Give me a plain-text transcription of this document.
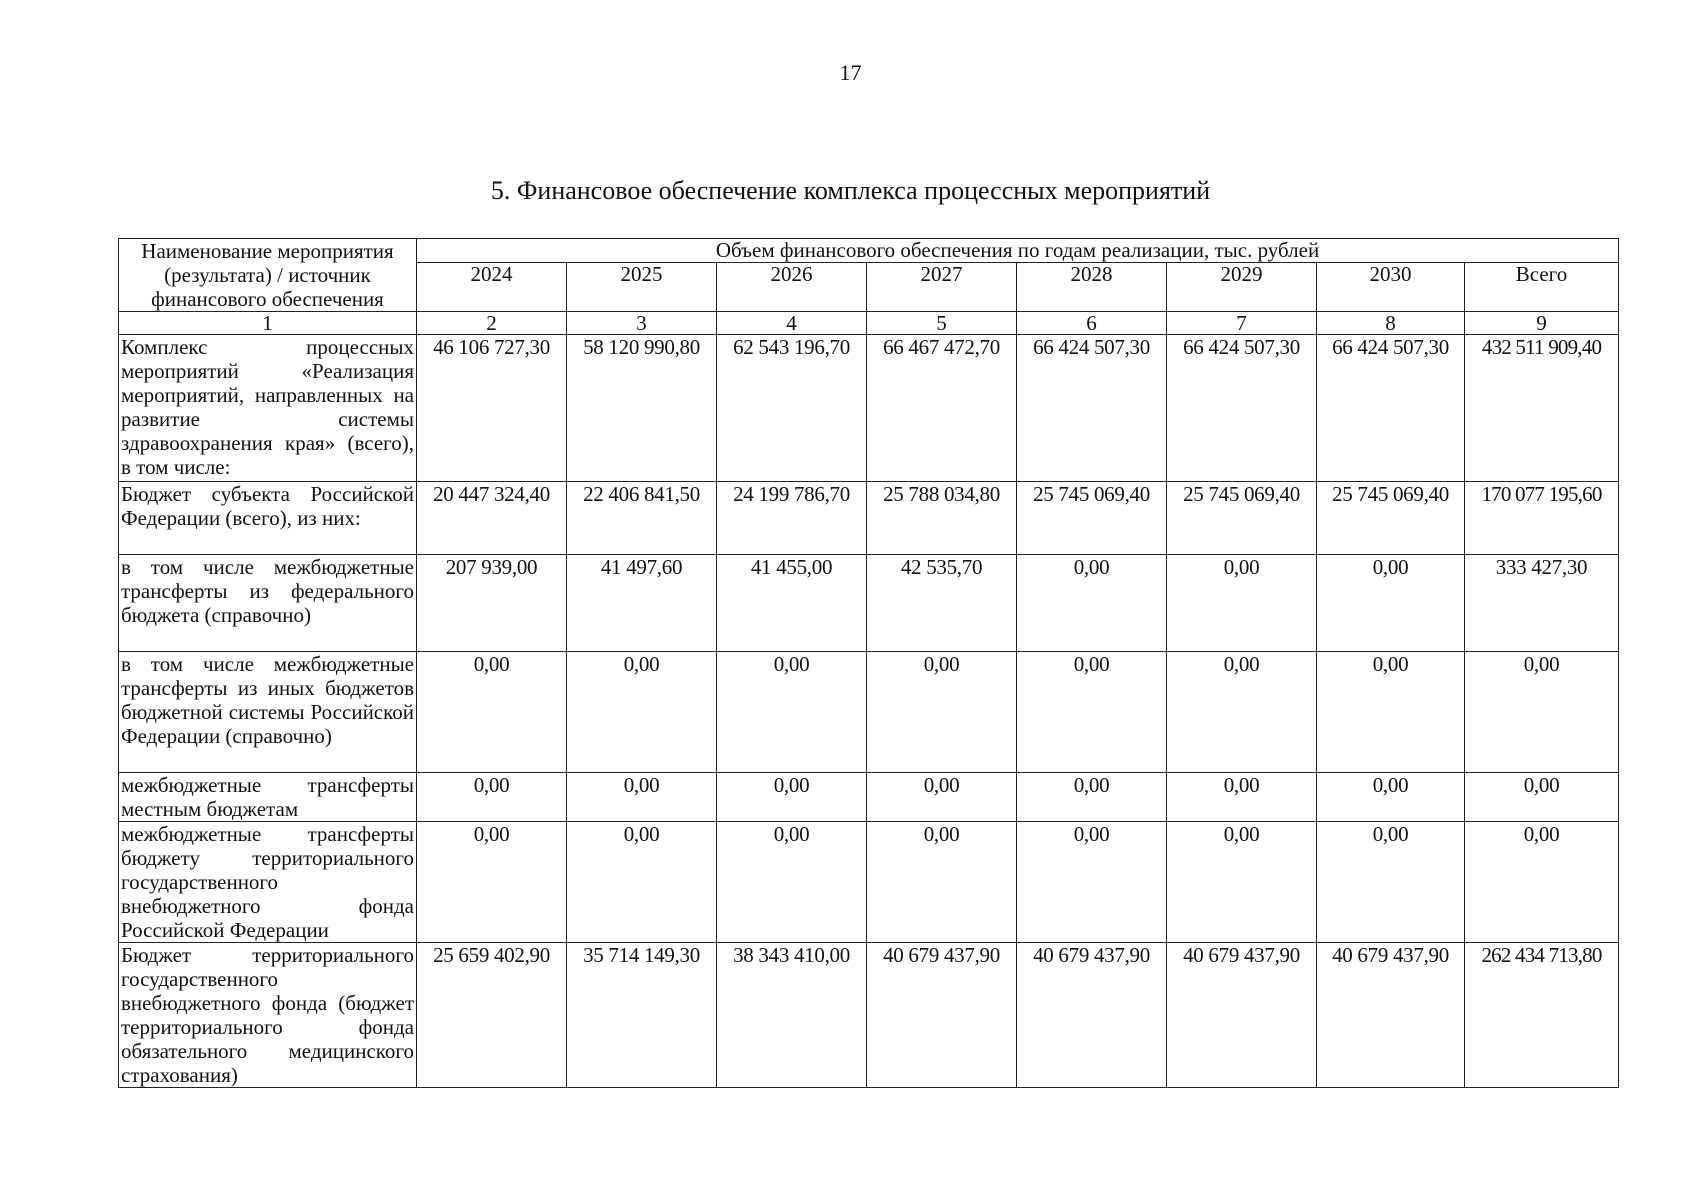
17
5. Финансовое обеспечение комплекса процессных мероприятий
Наименование мероприятия (результата) / источник финансового обеспечения	Объем финансового обеспечения по годам реализации, тыс. рублей							
	2024	2025	2026	2027	2028	2029	2030	Всего
1	2	3	4	5	6	7	8	9
Комплекс процессных мероприятий «Реализация мероприятий, направленных на развитие системы здравоохранения края» (всего), в том числе:	46 106 727,30	58 120 990,80	62 543 196,70	66 467 472,70	66 424 507,30	66 424 507,30	66 424 507,30	432 511 909,40
Бюджет субъекта Российской Федерации (всего), из них:	20 447 324,40	22 406 841,50	24 199 786,70	25 788 034,80	25 745 069,40	25 745 069,40	25 745 069,40	170 077 195,60
в том числе межбюджетные трансферты из федерального бюджета (справочно)	207 939,00	41 497,60	41 455,00	42 535,70	0,00	0,00	0,00	333 427,30
в том числе межбюджетные трансферты из иных бюджетов бюджетной системы Российской Федерации (справочно)	0,00	0,00	0,00	0,00	0,00	0,00	0,00	0,00
межбюджетные трансферты местным бюджетам	0,00	0,00	0,00	0,00	0,00	0,00	0,00	0,00
межбюджетные трансферты бюджету территориального государственного внебюджетного фонда Российской Федерации	0,00	0,00	0,00	0,00	0,00	0,00	0,00	0,00
Бюджет территориального государственного внебюджетного фонда (бюджет территориального фонда обязательного медицинского страхования)	25 659 402,90	35 714 149,30	38 343 410,00	40 679 437,90	40 679 437,90	40 679 437,90	40 679 437,90	262 434 713,80
